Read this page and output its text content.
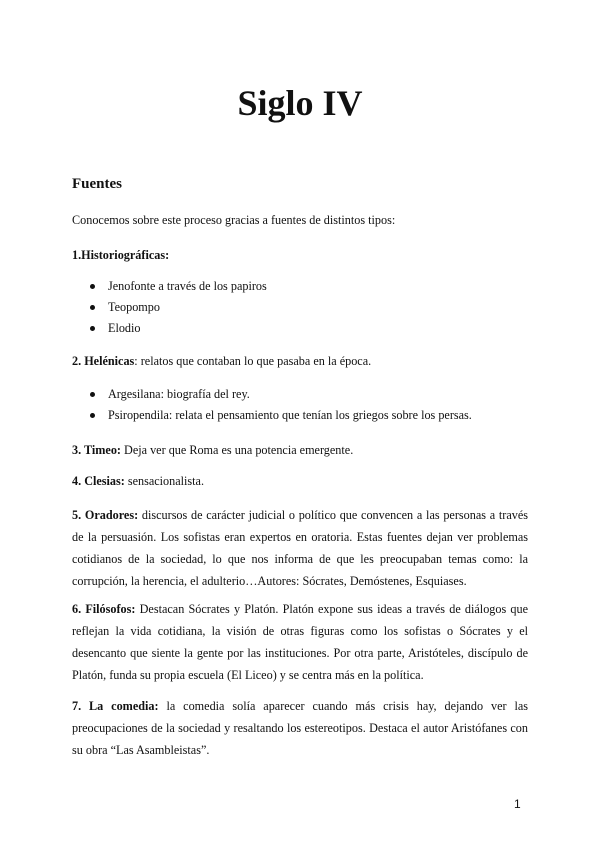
Siglo IV
Fuentes
Conocemos sobre este proceso gracias a fuentes de distintos tipos:
1.Historiográficas:
Jenofonte a través de los papiros
Teopompo
Elodio
2. Helénicas: relatos que contaban lo que pasaba en la época.
Argesilana: biografía del rey.
Psiropendila: relata el pensamiento que tenían los griegos sobre los persas.
3. Timeo: Deja ver que Roma es una potencia emergente.
4. Clesias: sensacionalista.
5. Oradores: discursos de carácter judicial o político que convencen a las personas a través de la persuasión. Los sofistas eran expertos en oratoria. Estas fuentes dejan ver problemas cotidianos de la sociedad, lo que nos informa de que les preocupaban temas como: la corrupción, la herencia, el adulterio…Autores: Sócrates, Demóstenes, Esquiases.
6. Filósofos: Destacan Sócrates y Platón. Platón expone sus ideas a través de diálogos que reflejan la vida cotidiana, la visión de otras figuras como los sofistas o Sócrates y el desencanto que siente la gente por las instituciones. Por otra parte, Aristóteles, discípulo de Platón, funda su propia escuela (El Liceo) y se centra más en la política.
7. La comedia: la comedia solía aparecer cuando más crisis hay, dejando ver las preocupaciones de la sociedad y resaltando los estereotipos. Destaca el autor Aristófanes con su obra “Las Asambleistas”.
1
